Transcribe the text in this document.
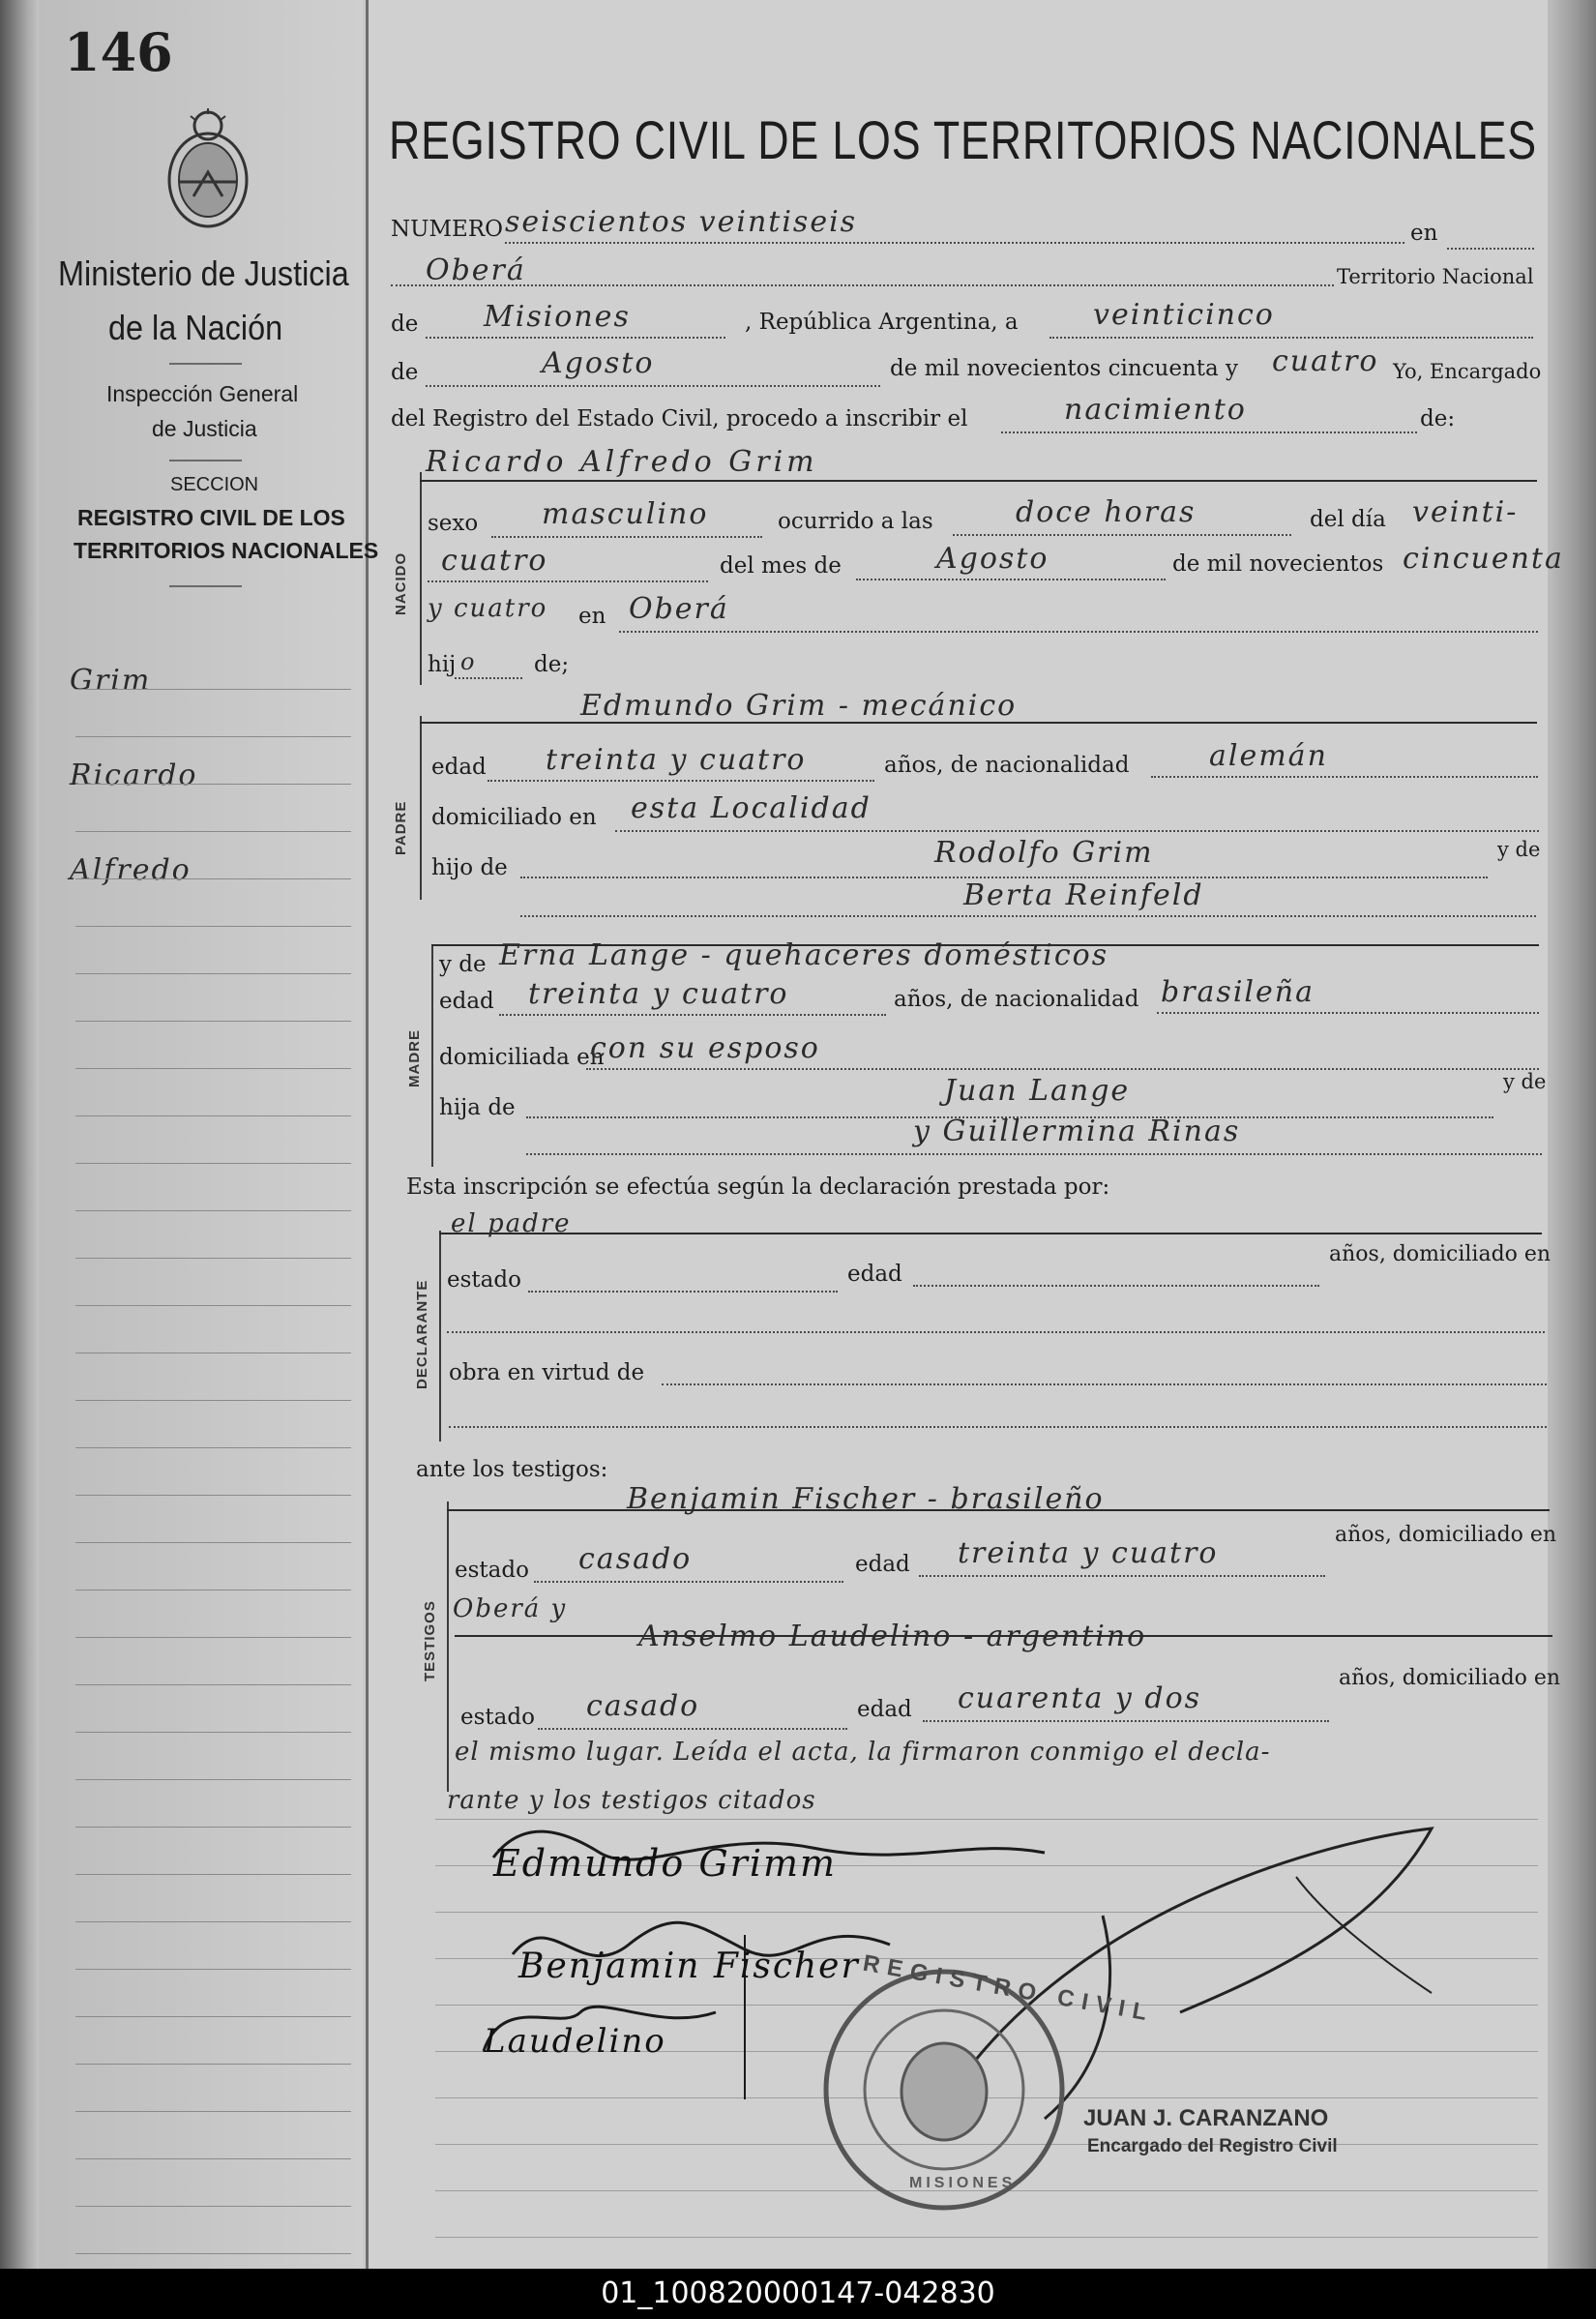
146
Ministerio de Justicia
de la Nación
Inspección General
de Justicia
SECCION
REGISTRO CIVIL DE LOS
TERRITORIOS NACIONALES
Grim
Ricardo
Alfredo
REGISTRO CIVIL DE LOS TERRITORIOS NACIONALES
NUMERO seiscientos veintiseis	en
Oberá	Territorio Nacional
de Misiones	, República Argentina, a	veinticinco
de	Agosto	de mil novecientos cincuenta y cuatro Yo, Encargado
del Registro del Estado Civil, procedo a inscribir el	nacimiento	de:
Ricardo Alfredo Grim
NACIDO
sexo masculino	ocurrido a las	doce horas	del día veinti-
cuatro	del mes de	Agosto	de mil novecientos cincuenta
y cuatro en Oberá
hij o	de;
Edmundo Grim - mecánico
PADRE
edad treinta y cuatro	años, de nacionalidad	alemán
domiciliado en esta Localidad
Rodolfo Grim
hijo de
y de
Berta Reinfeld
MADRE
y de Erna Lange - quehaceres domésticos
edad treinta y cuatro	años, de nacionalidad brasileña
domiciliada en
con su esposo
Juan Lange
hija de
y de
y Guillermina Rinas
Esta inscripción se efectúa según la declaración prestada por:
el padre
DECLARANTE estado	edad
años, domiciliado en
obra en virtud de
ante los testigos:
Benjamin Fischer - brasileño
TESTIGOS
estado casado	edad treinta y cuatro
años, domiciliado en
Oberá y
Anselmo Laudelino - argentino
estado casado	edad cuarenta y dos
años, domiciliado en
el mismo lugar. Leída el acta, la firmaron conmigo el decla-
rante y los testigos citados
Edmundo Grimm
Benjamin Fischer
Laudelino
REGISTRO CIVIL
MISIONES
JUAN J. CARANZANO
Encargado del Registro Civil
01_100820000147-042830
